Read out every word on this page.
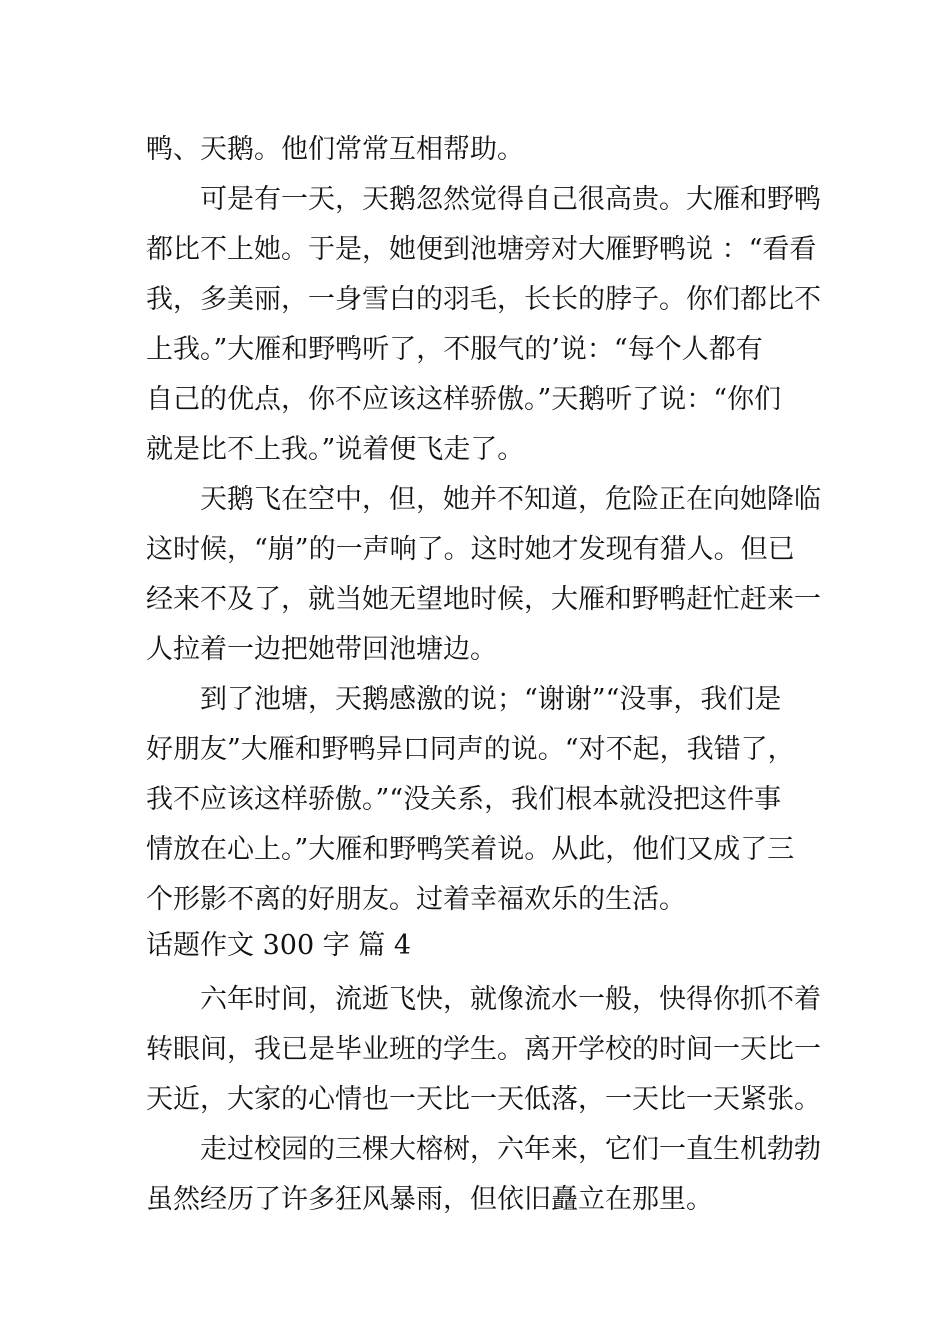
鸭、天鹅。他们常常互相帮助。
可是有一天，天鹅忽然觉得自己很高贵。大雁和野鸭
都比不上她。于是，她便到池塘旁对大雁野鸭说 ：“看看
我，多美丽，一身雪白的羽毛，长长的脖子。你们都比不
上我。”大雁和野鸭听了，不服气的’说：“每个人都有
自己的优点，你不应该这样骄傲。”天鹅听了说：“你们
就是比不上我。”说着便飞走了。
天鹅飞在空中，但，她并不知道，危险正在向她降临
这时候，“崩”的一声响了。这时她才发现有猎人。但已
经来不及了，就当她无望地时候，大雁和野鸭赶忙赶来一
人拉着一边把她带回池塘边。
到了池塘，天鹅感激的说；“谢谢”“没事，我们是
好朋友”大雁和野鸭异口同声的说。“对不起，我错了，
我不应该这样骄傲。”“没关系，我们根本就没把这件事
情放在心上。”大雁和野鸭笑着说。从此，他们又成了三
个形影不离的好朋友。过着幸福欢乐的生活。
话题作文 300 字 篇 4
六年时间，流逝飞快，就像流水一般，快得你抓不着
转眼间，我已是毕业班的学生。离开学校的时间一天比一
天近，大家的心情也一天比一天低落，一天比一天紧张。
走过校园的三棵大榕树，六年来，它们一直生机勃勃
虽然经历了许多狂风暴雨，但依旧矗立在那里。
